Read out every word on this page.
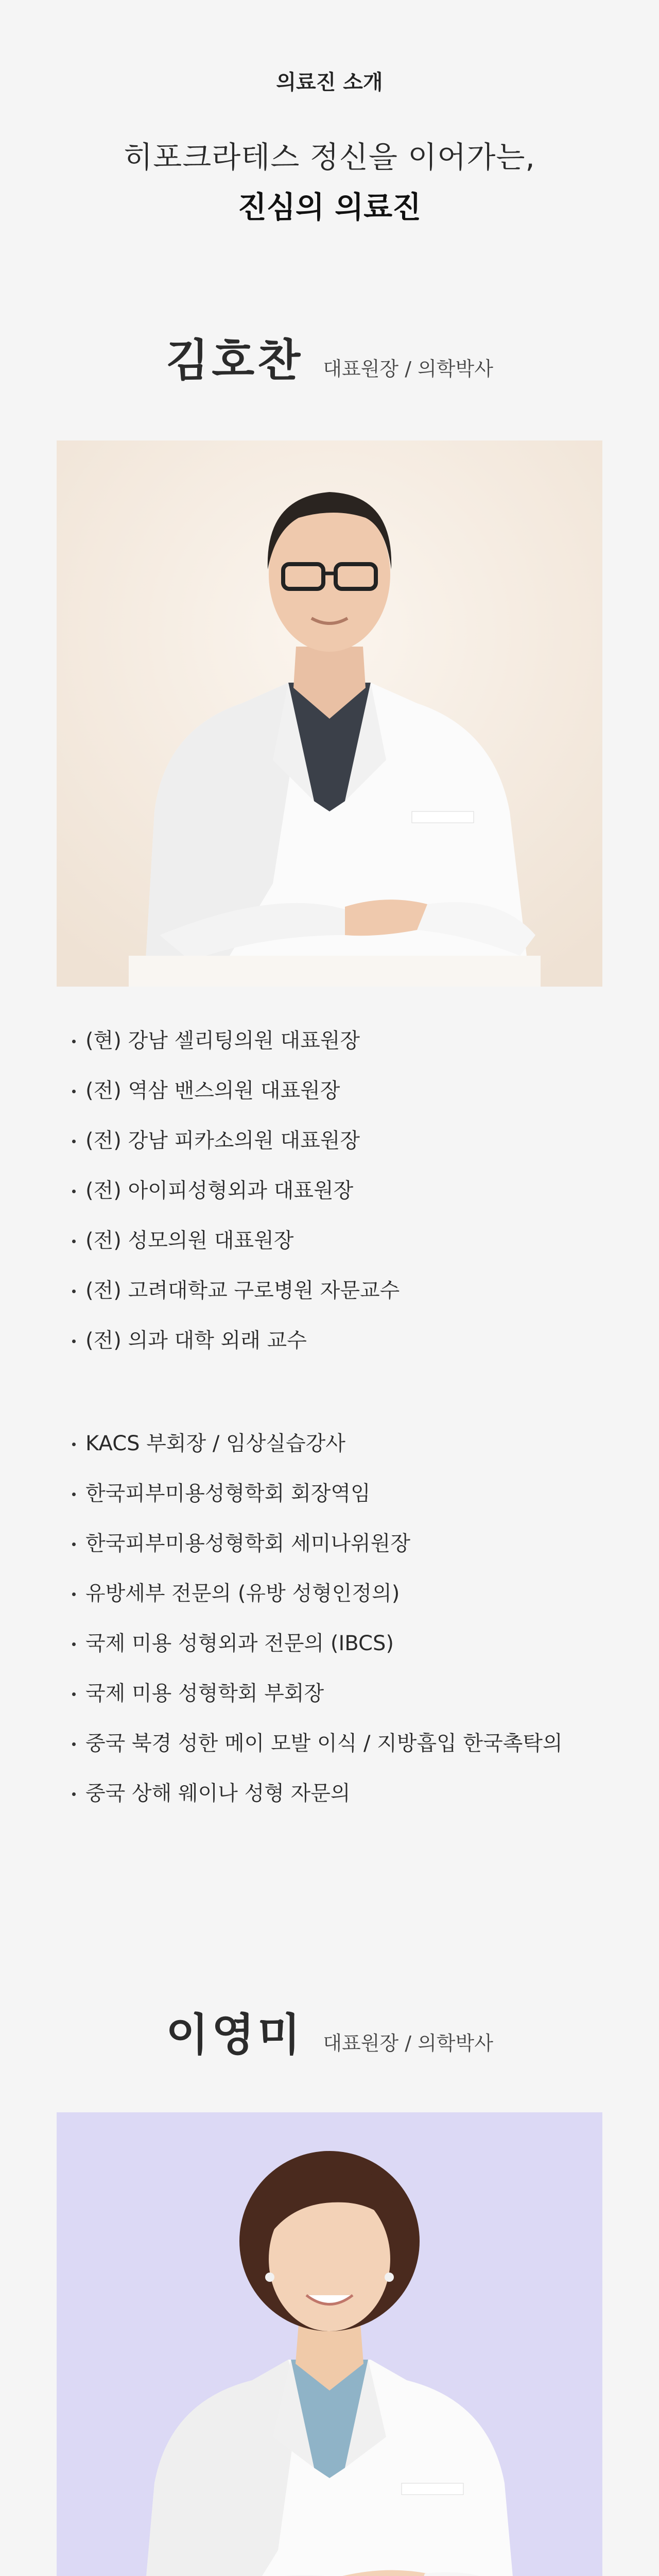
의료진 소개
히포크라테스 정신을 이어가는,
진심의 의료진
김호찬 대표원장 / 의학박사
(현) 강남 셀리팅의원 대표원장
(전) 역삼 밴스의원 대표원장
(전) 강남 피카소의원 대표원장
(전) 아이피성형외과 대표원장
(전) 성모의원 대표원장
(전) 고려대학교 구로병원 자문교수
(전) 의과 대학 외래 교수
KACS 부회장 / 임상실습강사
한국피부미용성형학회 회장역임
한국피부미용성형학회 세미나위원장
유방세부 전문의 (유방 성형인정의)
국제 미용 성형외과 전문의 (IBCS)
국제 미용 성형학회 부회장
중국 북경 성한 메이 모발 이식 / 지방흡입 한국촉탁의
중국 상해 웨이나 성형 자문의
이영미 대표원장 / 의학박사
